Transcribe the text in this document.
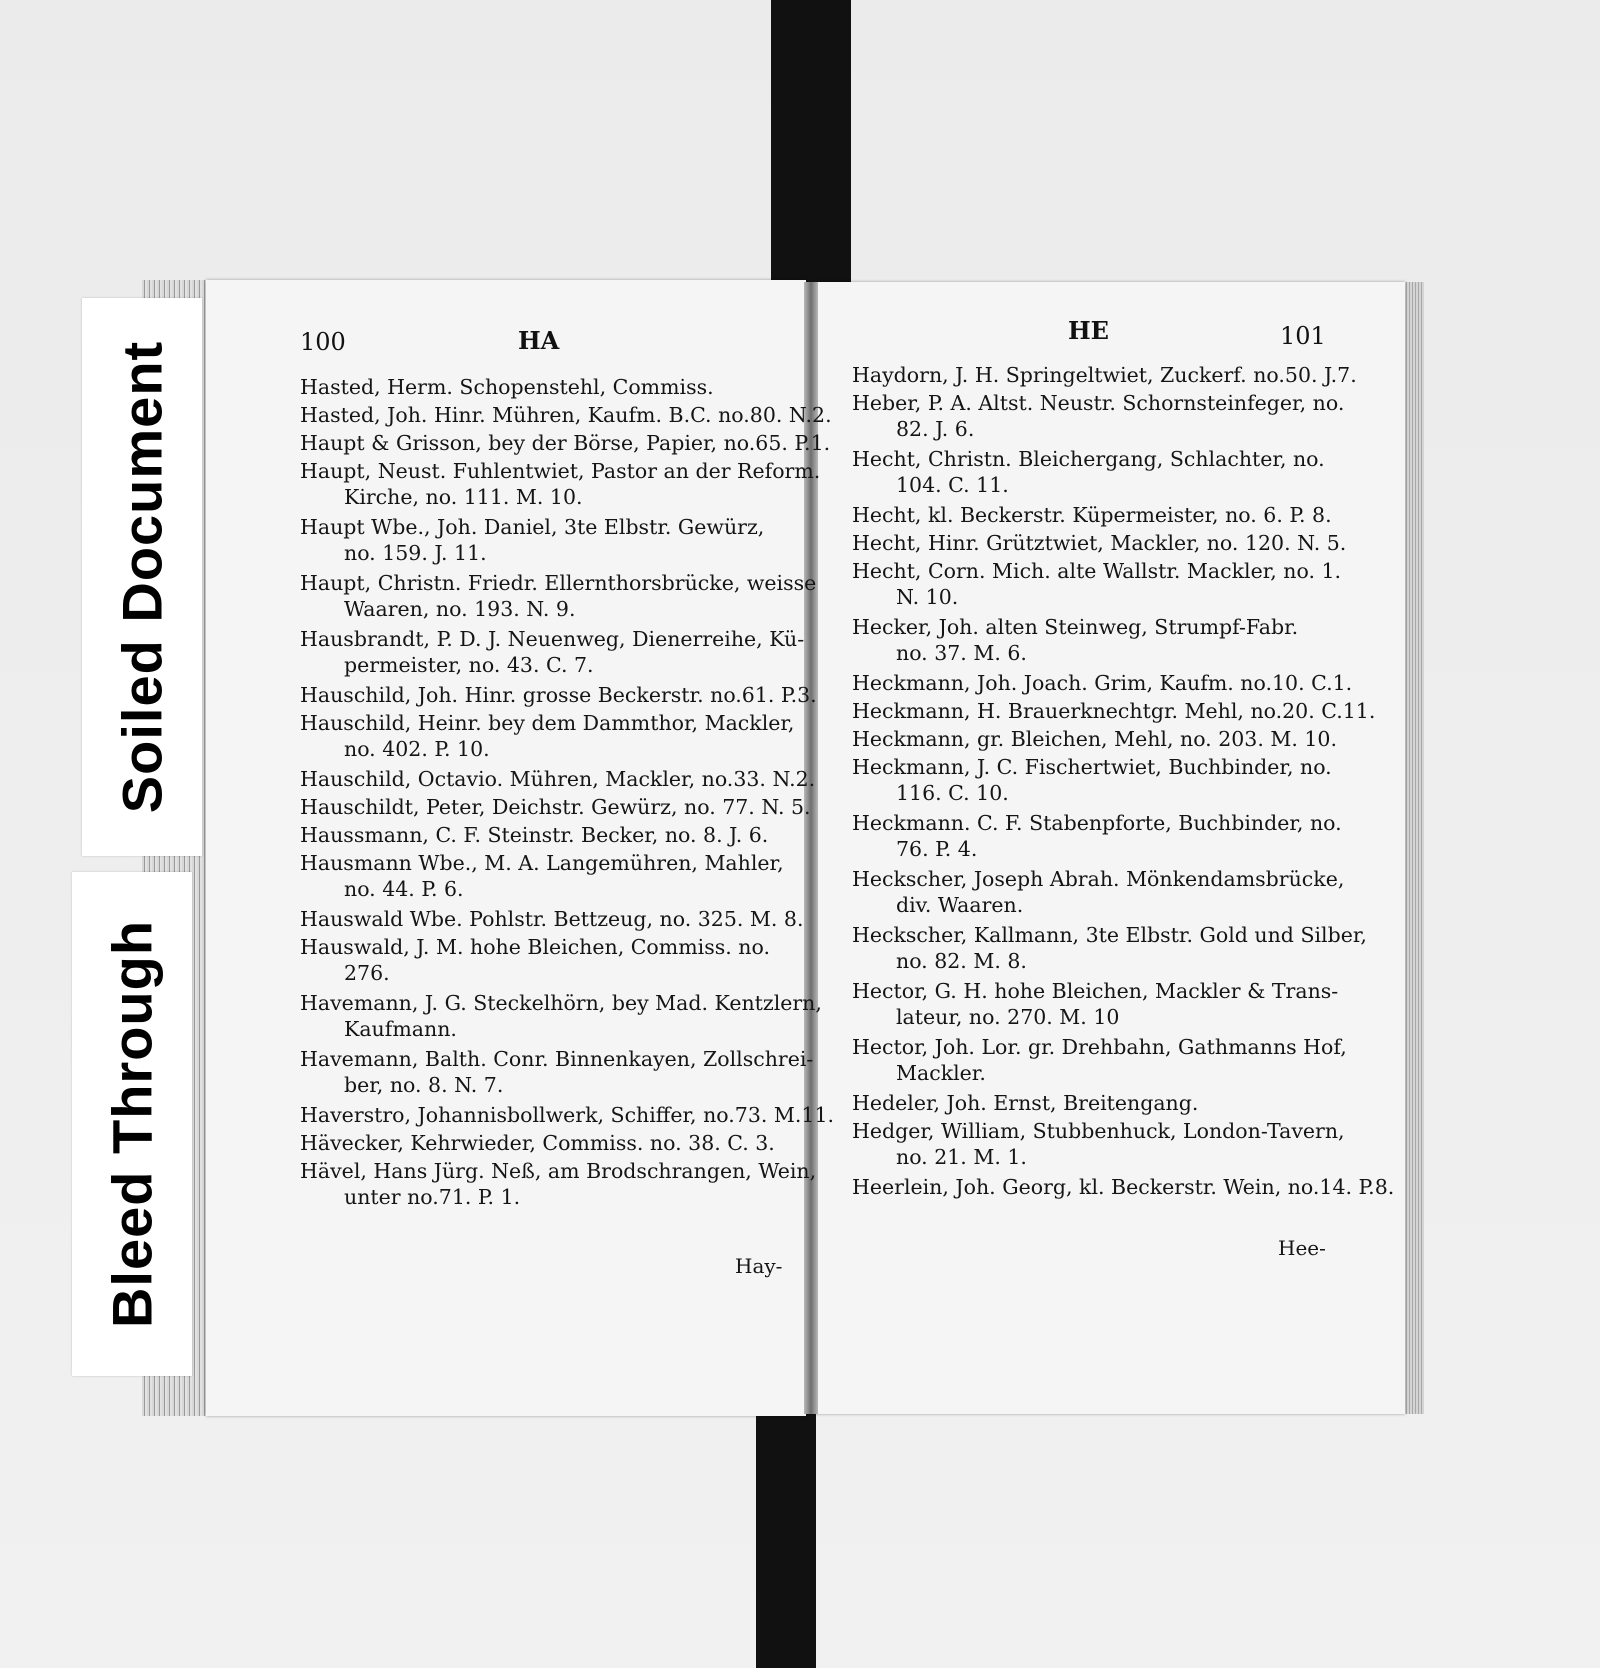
Soiled Document
Bleed Through
100	HA
Hasted, Herm. Schopenstehl, Commiss.
Hasted, Joh. Hinr. Mühren, Kaufm. B.C. no.80. N.2.
Haupt & Grisson, bey der Börse, Papier, no.65. P.1.
Haupt, Neust. Fuhlentwiet, Pastor an der Reform.
Kirche, no. 111. M. 10.
Haupt Wbe., Joh. Daniel, 3te Elbstr. Gewürz,
no. 159. J. 11.
Haupt, Christn. Friedr. Ellernthorsbrücke, weisse
Waaren, no. 193. N. 9.
Hausbrandt, P. D. J. Neuenweg, Dienerreihe, Kü-
permeister, no. 43. C. 7.
Hauschild, Joh. Hinr. grosse Beckerstr. no.61. P.3.
Hauschild, Heinr. bey dem Dammthor, Mackler,
no. 402. P. 10.
Hauschild, Octavio. Mühren, Mackler, no.33. N.2.
Hauschildt, Peter, Deichstr. Gewürz, no. 77. N. 5.
Haussmann, C. F. Steinstr. Becker, no. 8. J. 6.
Hausmann Wbe., M. A. Langemühren, Mahler,
no. 44. P. 6.
Hauswald Wbe. Pohlstr. Bettzeug, no. 325. M. 8.
Hauswald, J. M. hohe Bleichen, Commiss. no.
276.
Havemann, J. G. Steckelhörn, bey Mad. Kentzlern,
Kaufmann.
Havemann, Balth. Conr. Binnenkayen, Zollschrei-
ber, no. 8. N. 7.
Haverstro, Johannisbollwerk, Schiffer, no.73. M.11.
Hävecker, Kehrwieder, Commiss. no. 38. C. 3.
Hävel, Hans Jürg. Neß, am Brodschrangen, Wein,
unter no.71. P. 1.
Hay-
HE	101
Haydorn, J. H. Springeltwiet, Zuckerf. no.50. J.7.
Heber, P. A. Altst. Neustr. Schornsteinfeger, no.
82. J. 6.
Hecht, Christn. Bleichergang, Schlachter, no.
104. C. 11.
Hecht, kl. Beckerstr. Küpermeister, no. 6. P. 8.
Hecht, Hinr. Grütztwiet, Mackler, no. 120. N. 5.
Hecht, Corn. Mich. alte Wallstr. Mackler, no. 1.
N. 10.
Hecker, Joh. alten Steinweg, Strumpf-Fabr.
no. 37. M. 6.
Heckmann, Joh. Joach. Grim, Kaufm. no.10. C.1.
Heckmann, H. Brauerknechtgr. Mehl, no.20. C.11.
Heckmann, gr. Bleichen, Mehl, no. 203. M. 10.
Heckmann, J. C. Fischertwiet, Buchbinder, no.
116. C. 10.
Heckmann. C. F. Stabenpforte, Buchbinder, no.
76. P. 4.
Heckscher, Joseph Abrah. Mönkendamsbrücke,
div. Waaren.
Heckscher, Kallmann, 3te Elbstr. Gold und Silber,
no. 82. M. 8.
Hector, G. H. hohe Bleichen, Mackler & Trans-
lateur, no. 270. M. 10
Hector, Joh. Lor. gr. Drehbahn, Gathmanns Hof,
Mackler.
Hedeler, Joh. Ernst, Breitengang.
Hedger, William, Stubbenhuck, London-Tavern,
no. 21. M. 1.
Heerlein, Joh. Georg, kl. Beckerstr. Wein, no.14. P.8.
Hee-
